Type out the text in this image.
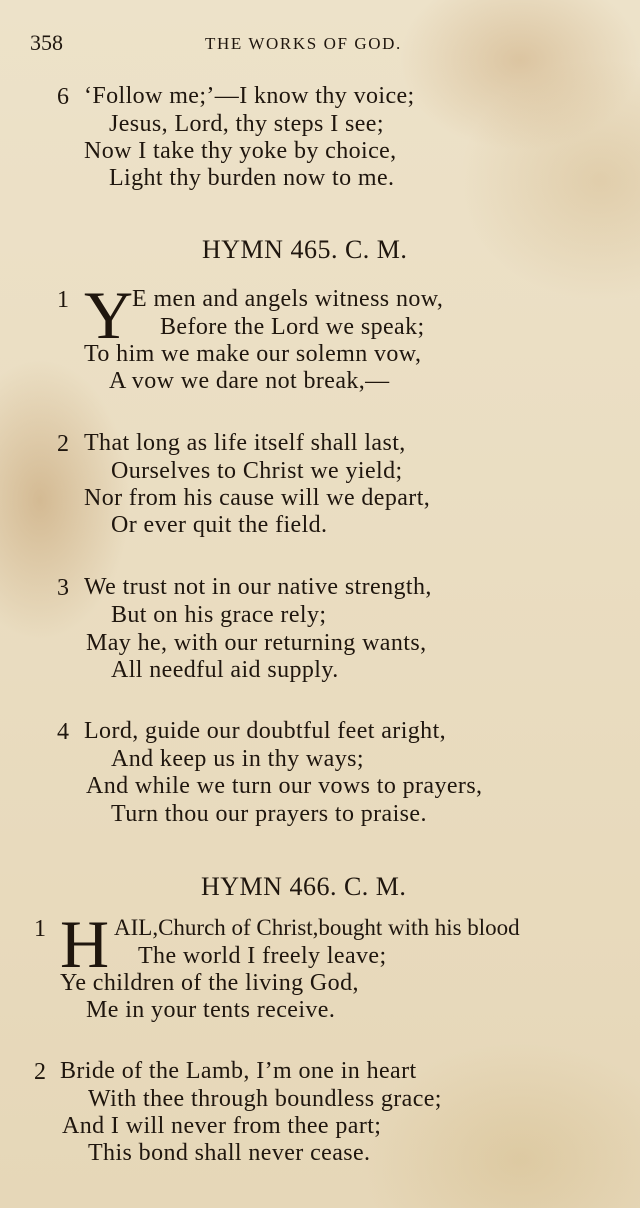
358	THE WORKS OF GOD.
6 ‘Follow me;’—I know thy voice;
Jesus, Lord, thy steps I see;
Now I take thy yoke by choice,
Light thy burden now to me.
HYMN 465. C. M.
1 Y
E men and angels witness now,
Before the Lord we speak;
To him we make our solemn vow,
A vow we dare not break,—
2 That long as life itself shall last,
Ourselves to Christ we yield;
Nor from his cause will we depart,
Or ever quit the field.
3 We trust not in our native strength,
But on his grace rely;
May he, with our returning wants,
All needful aid supply.
4 Lord, guide our doubtful feet aright,
And keep us in thy ways;
And while we turn our vows to prayers,
Turn thou our prayers to praise.
HYMN 466. C. M.
1 H AIL,Church of Christ,bought with his blood
The world I freely leave;
Ye children of the living God,
Me in your tents receive.
2 Bride of the Lamb, I’m one in heart
With thee through boundless grace;
And I will never from thee part;
This bond shall never cease.
